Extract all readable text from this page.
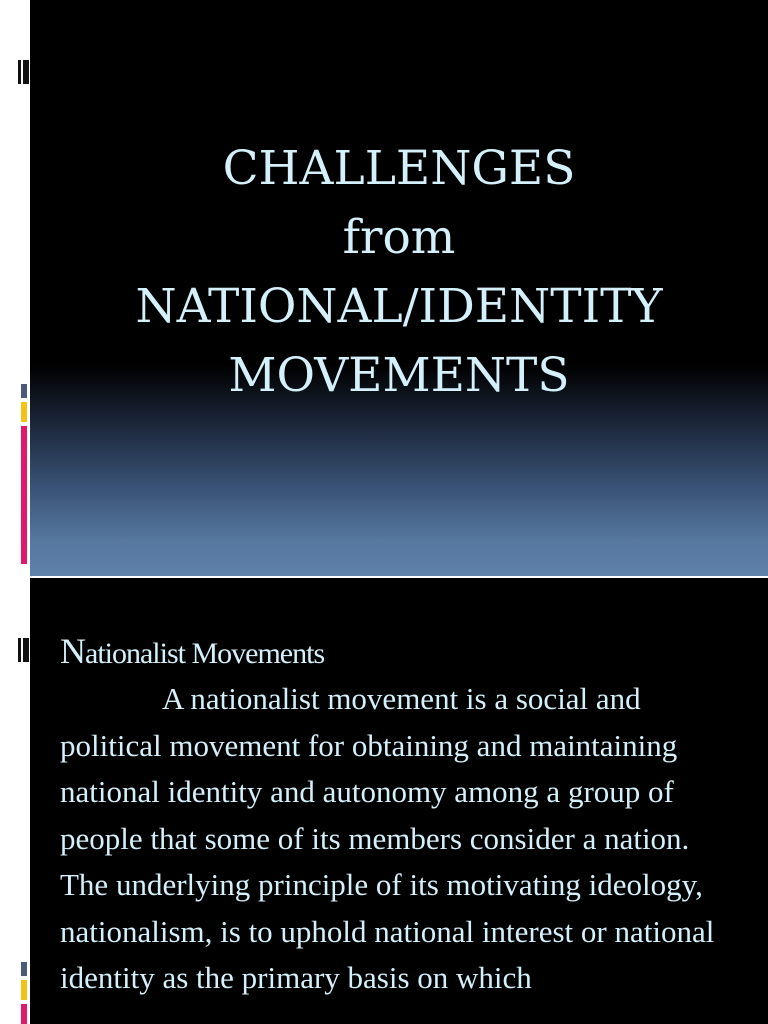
CHALLENGES
from
NATIONAL/IDENTITY
MOVEMENTS
Nationalist Movements

A nationalist movement is a social and political movement for obtaining and maintaining national identity and autonomy among a group of people that some of its members consider a nation. The underlying principle of its motivating ideology, nationalism, is to uphold national interest or national identity as the primary basis on which
